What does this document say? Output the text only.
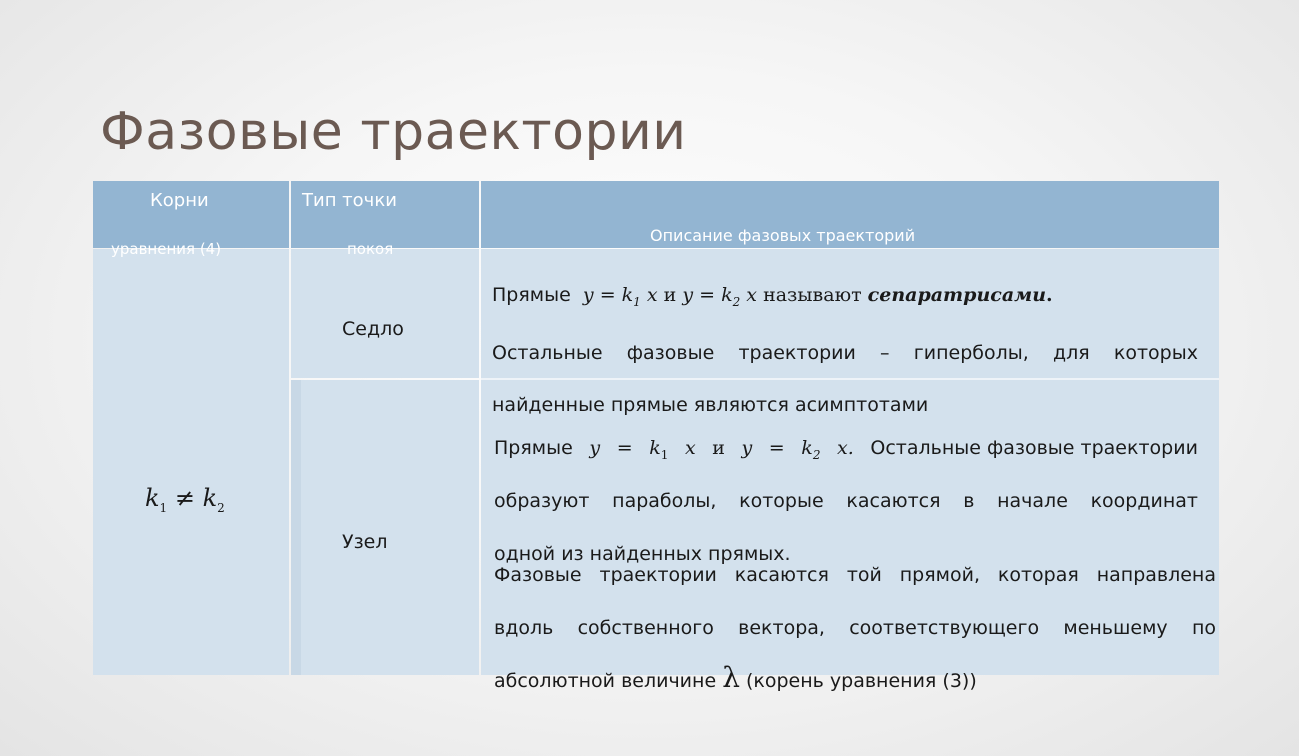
Фазовые траектории
Корни	Тип точки
Описание фазовых траекторий
уравнения (4)	покоя
$k_1 \ne k_2$
Седло
Узел
Прямые $y = k_1$ x и $y = k_2$ x называют сепаратрисами.
Остальные фазовые траектории – гиперболы, для которых
найденные прямые являются асимптотами
Прямые $y = k_1$ x и $y = k_2$ x. Остальные фазовые траектории
образуют параболы, которые касаются в начале координат
одной из найденных прямых.
Фазовые траектории касаются той прямой, которая направлена
вдоль собственного вектора, соответствующего меньшему по
абсолютной величине λ (корень уравнения (3))
